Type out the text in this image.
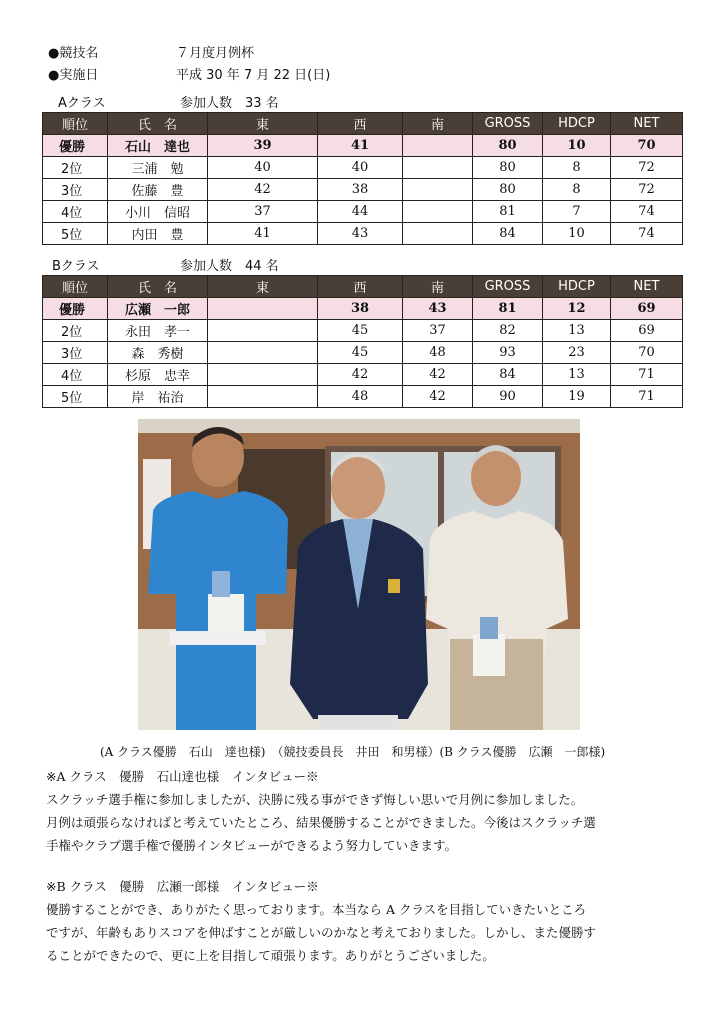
●競技名	７月度月例杯
●実施日	平成 30 年 7 月 22 日(日)
Aクラス	参加人数　33 名
順位	氏　名	東	西	南	GROSS	HDCP	NET
優勝	石山　達也	39	41		80	10	70
2位	三浦　勉	40	40		80	8	72
3位	佐藤　豊	42	38		80	8	72
4位	小川　信昭	37	44		81	7	74
5位	内田　豊	41	43		84	10	74
Bクラス	参加人数　44 名
順位	氏　名	東	西	南	GROSS	HDCP	NET
優勝	広瀬　一郎		38	43	81	12	69
2位	永田　孝一		45	37	82	13	69
3位	森　秀樹		45	48	93	23	70
4位	杉原　忠幸		42	42	84	13	71
5位	岸　祐治		48	42	90	19	71
(A クラス優勝　石山　達也様)　（競技委員長　井田　和男様）(B クラス優勝　広瀬　一郎様)

※A クラス　優勝　石山達也様　インタビュー※

スクラッチ選手権に参加しましたが、決勝に残る事ができず悔しい思いで月例に参加しました。

月例は頑張らなければと考えていたところ、結果優勝することができました。今後はスクラッチ選

手権やクラブ選手権で優勝インタビューができるよう努力していきます。

※B クラス　優勝　広瀬一郎様　インタビュー※

優勝することができ、ありがたく思っております。本当なら A クラスを目指していきたいところ

ですが、年齢もありスコアを伸ばすことが厳しいのかなと考えておりました。しかし、また優勝す

ることができたので、更に上を目指して頑張ります。ありがとうございました。
